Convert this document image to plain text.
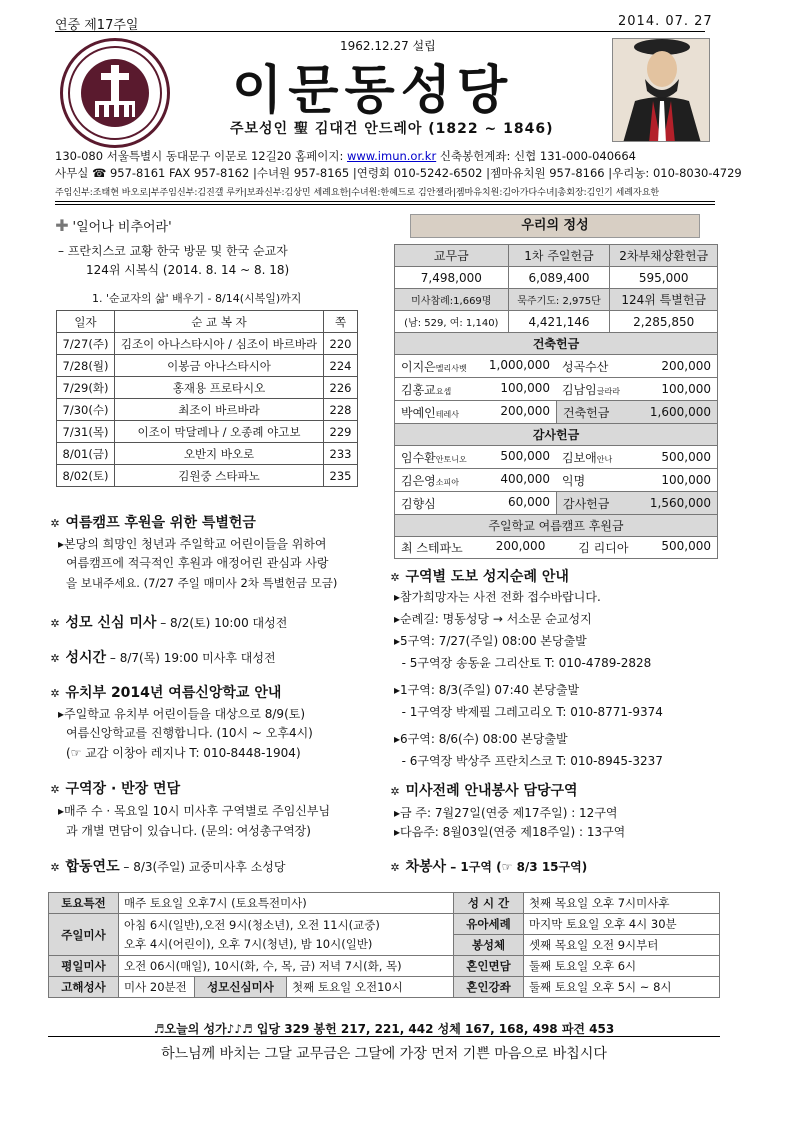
연중 제17주일	2014. 07. 27
1962.12.27 설립
이문동성당
주보성인 聖 김대건 안드레아 (1822 ~ 1846)
130-080 서울특별시 동대문구 이문로 12길20 홈페이지: www.imun.or.kr 신축봉헌계좌: 신협 131-000-040664
사무실 ☎ 957-8161 FAX 957-8162 |수녀원 957-8165 |연령회 010-5242-6502 |젬마유치원 957-8166 |우리농: 010-8030-4729
주임신부:조태현 바오로|부주임신부:김진갤 루카|보좌신부:김상민 세례요한|수녀원:한혜드로 김안젤라|젬마유치원:김아가다수녀|총회장:김인기 세례자요한
✚ '일어나 비추어라'
– 프란치스코 교황 한국 방문 및 한국 순교자
124위 시복식 (2014. 8. 14 ~ 8. 18)
1. '순교자의 삶' 배우기 - 8/14(시복일)까지
일자	순 교 복 자	쪽
7/27(주)	김조이 아나스타시아 / 심조이 바르바라	220
7/28(월)	이봉금 아나스타시아	224
7/29(화)	홍재용 프로타시오	226
7/30(수)	최조이 바르바라	228
7/31(목)	이조이 막달레나 / 오종례 야고보	229
8/01(금)	오반지 바오로	233
8/02(토)	김원중 스타파노	235
✲ 여름캠프 후원을 위한 특별헌금
▸본당의 희망인 청년과 주일학교 어린이들을 위하여
여름캠프에 적극적인 후원과 애정어린 관심과 사랑
을 보내주세요. (7/27 주일 매미사 2차 특별헌금 모금)
✲ 성모 신심 미사 – 8/2(토) 10:00 대성전
✲ 성시간 – 8/7(목) 19:00 미사후 대성전
✲ 유치부 2014년 여름신앙학교 안내
▸주일학교 유치부 어린이들을 대상으로 8/9(토)
여름신앙학교를 진행합니다. (10시 ~ 오후4시)
(☞ 교감 이창아 레지나 T: 010-8448-1904)
✲ 구역장 · 반장 면담
▸매주 수 · 목요일 10시 미사후 구역별로 주임신부님
과 개별 면담이 있습니다. (문의: 여성총구역장)
✲ 합동연도 – 8/3(주일) 교중미사후 소성당
우리의 정성
교무금	1차 주일헌금	2차부채상환헌금
7,498,000	6,089,400	595,000
미사참례:1,669명	묵주기도: 2,975단	124위 특별헌금
(남: 529, 여: 1,140)	4,421,146	2,285,850
건축헌금		

이지은멜리사벳 1,000,000 성곡수산 200,000		

김홍교요셉 100,000 김남임글라라 100,000		

박예인테레사 200,000 건축헌금 1,600,000		

감사헌금		

임수환안토니오 500,000 김보애안나 500,000		

김은영소피아 400,000 익명 100,000		

김향심 60,000 감사헌금 1,560,000		

주일학교 여름캠프 후원금		

최 스테파노 200,000 김 리디아 500,000		
✲ 구역별 도보 성지순례 안내
▸참가희망자는 사전 전화 접수바랍니다.
▸순례길: 명동성당 → 서소문 순교성지
▸5구역: 7/27(주일) 08:00 본당출발
- 5구역장 송동윤 그리산토 T: 010-4789-2828
▸1구역: 8/3(주일) 07:40 본당출발
- 1구역장 박제필 그레고리오 T: 010-8771-9374
▸6구역: 8/6(수) 08:00 본당출발
- 6구역장 박상주 프란치스코 T: 010-8945-3237
✲ 미사전례 안내봉사 담당구역
▸금 주: 7월27일(연중 제17주일) : 12구역
▸다음주: 8월03일(연중 제18주일) : 13구역
✲ 차봉사 – 1구역 (☞ 8/3 15구역)
토요특전	매주 토요일 오후7시 (토요특전미사)			성 시 간	첫째 목요일 오후 7시미사후
주일미사	아침 6시(일반),오전 9시(청소년), 오전 11시(교중)
오후 4시(어린이), 오후 7시(청년), 밤 10시(일반)			유아세례	마지막 토요일 오후 4시 30분
				봉성체	셋째 목요일 오전 9시부터
평일미사	오전 06시(매일), 10시(화, 수, 목, 금) 저녁 7시(화, 목)			혼인면담	둘째 토요일 오후 6시
고해성사	미사 20분전	성모신심미사	첫째 토요일 오전10시	혼인강좌	둘째 토요일 오후 5시 ~ 8시
♬오늘의 성가♪♪♬ 입당 329 봉헌 217, 221, 442 성체 167, 168, 498 파견 453
하느님께 바치는 그달 교무금은 그달에 가장 먼저 기쁜 마음으로 바칩시다
